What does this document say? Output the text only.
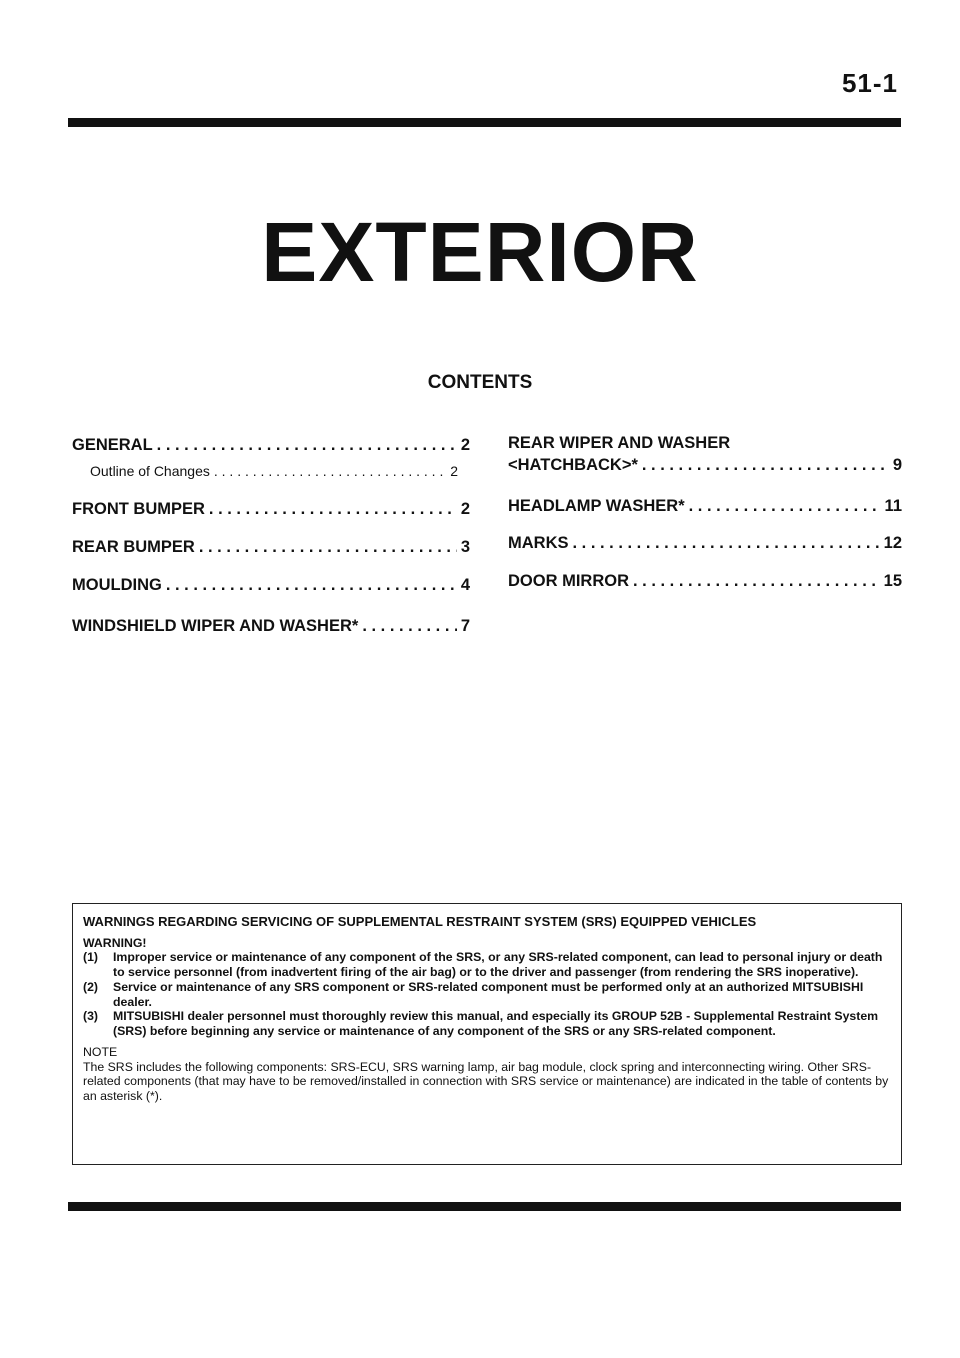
51-1
EXTERIOR
CONTENTS
GENERAL . . .	2
Outline of Changes . . .	2
FRONT BUMPER . . .	2
REAR BUMPER . . .	3
MOULDING . . .	4
WINDSHIELD WIPER AND WASHER* . . .	7
REAR WIPER AND WASHER
<HATCHBACK>* . . .	9
HEADLAMP WASHER* . . .	11
MARKS . . .	12
DOOR MIRROR . . .	15
WARNINGS REGARDING SERVICING OF SUPPLEMENTAL RESTRAINT SYSTEM (SRS) EQUIPPED VEHICLES
WARNING!
(1)	Improper service or maintenance of any component of the SRS, or any SRS-related component, can lead to personal injury or death to service personnel (from inadvertent firing of the air bag) or to the driver and passenger (from rendering the SRS inoperative).
(2)	Service or maintenance of any SRS component or SRS-related component must be performed only at an authorized MITSUBISHI dealer.
(3)	MITSUBISHI dealer personnel must thoroughly review this manual, and especially its GROUP 52B - Supplemental Restraint System (SRS) before beginning any service or maintenance of any component of the SRS or any SRS-related component.
NOTE
The SRS includes the following components: SRS-ECU, SRS warning lamp, air bag module, clock spring and interconnecting wiring. Other SRS-related components (that may have to be removed/installed in connection with SRS service or maintenance) are indicated in the table of contents by an asterisk (*).
